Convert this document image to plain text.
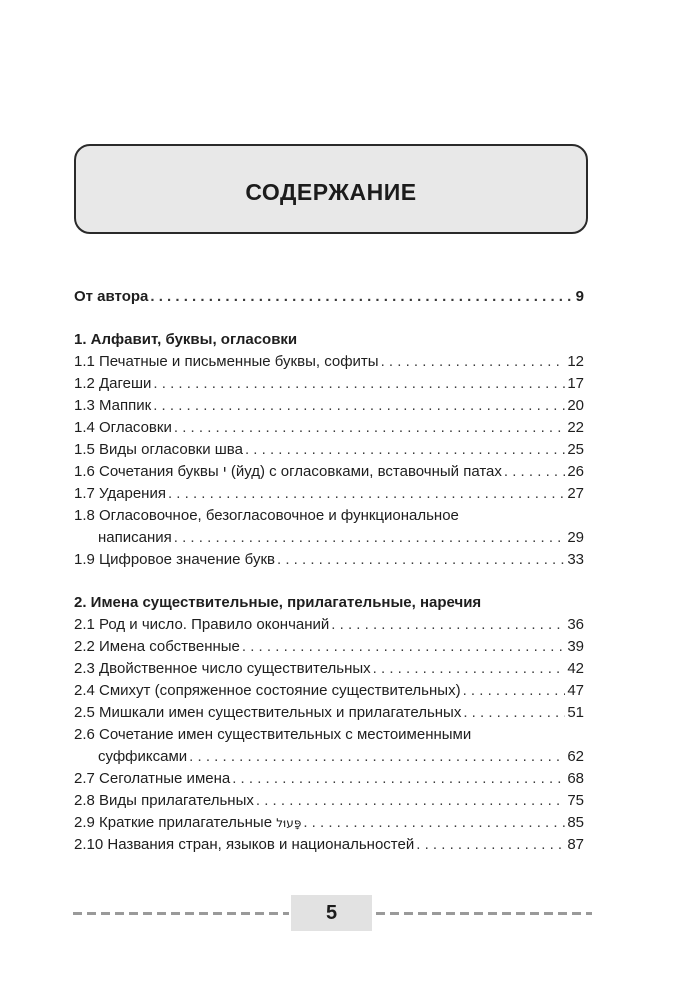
СОДЕРЖАНИЕ
От автора . . .	9
1. Алфавит, буквы, огласовки
1.1 Печатные и письменные буквы, софиты . . .	12
1.2 Дагеши . . .	17
1.3 Маппик . . .	20
1.4 Огласовки . . .	22
1.5 Виды огласовки шва . . .	25
1.6 Сочетания буквы י (йуд) с огласовками, вставочный патах . . .	26
1.7 Ударения . . .	27
1.8 Огласовочное, безогласовочное и функциональное
написания . . .	29
1.9 Цифровое значение букв . . .	33
2. Имена существительные, прилагательные, наречия
2.1 Род и число. Правило окончаний . . .	36
2.2 Имена собственные . . .	39
2.3 Двойственное число существительных . . .	42
2.4 Смихут (сопряженное состояние существительных) . . .	47
2.5 Мишкали имен существительных и прилагательных . . .	51
2.6 Сочетание имен существительных с местоименными
суффиксами . . .	62
2.7 Сеголатные имена . . .	68
2.8 Виды прилагательных . . .	75
2.9 Краткие прилагательные פָּעוּל . . .	85
2.10 Названия стран, языков и национальностей . . .	87
5
